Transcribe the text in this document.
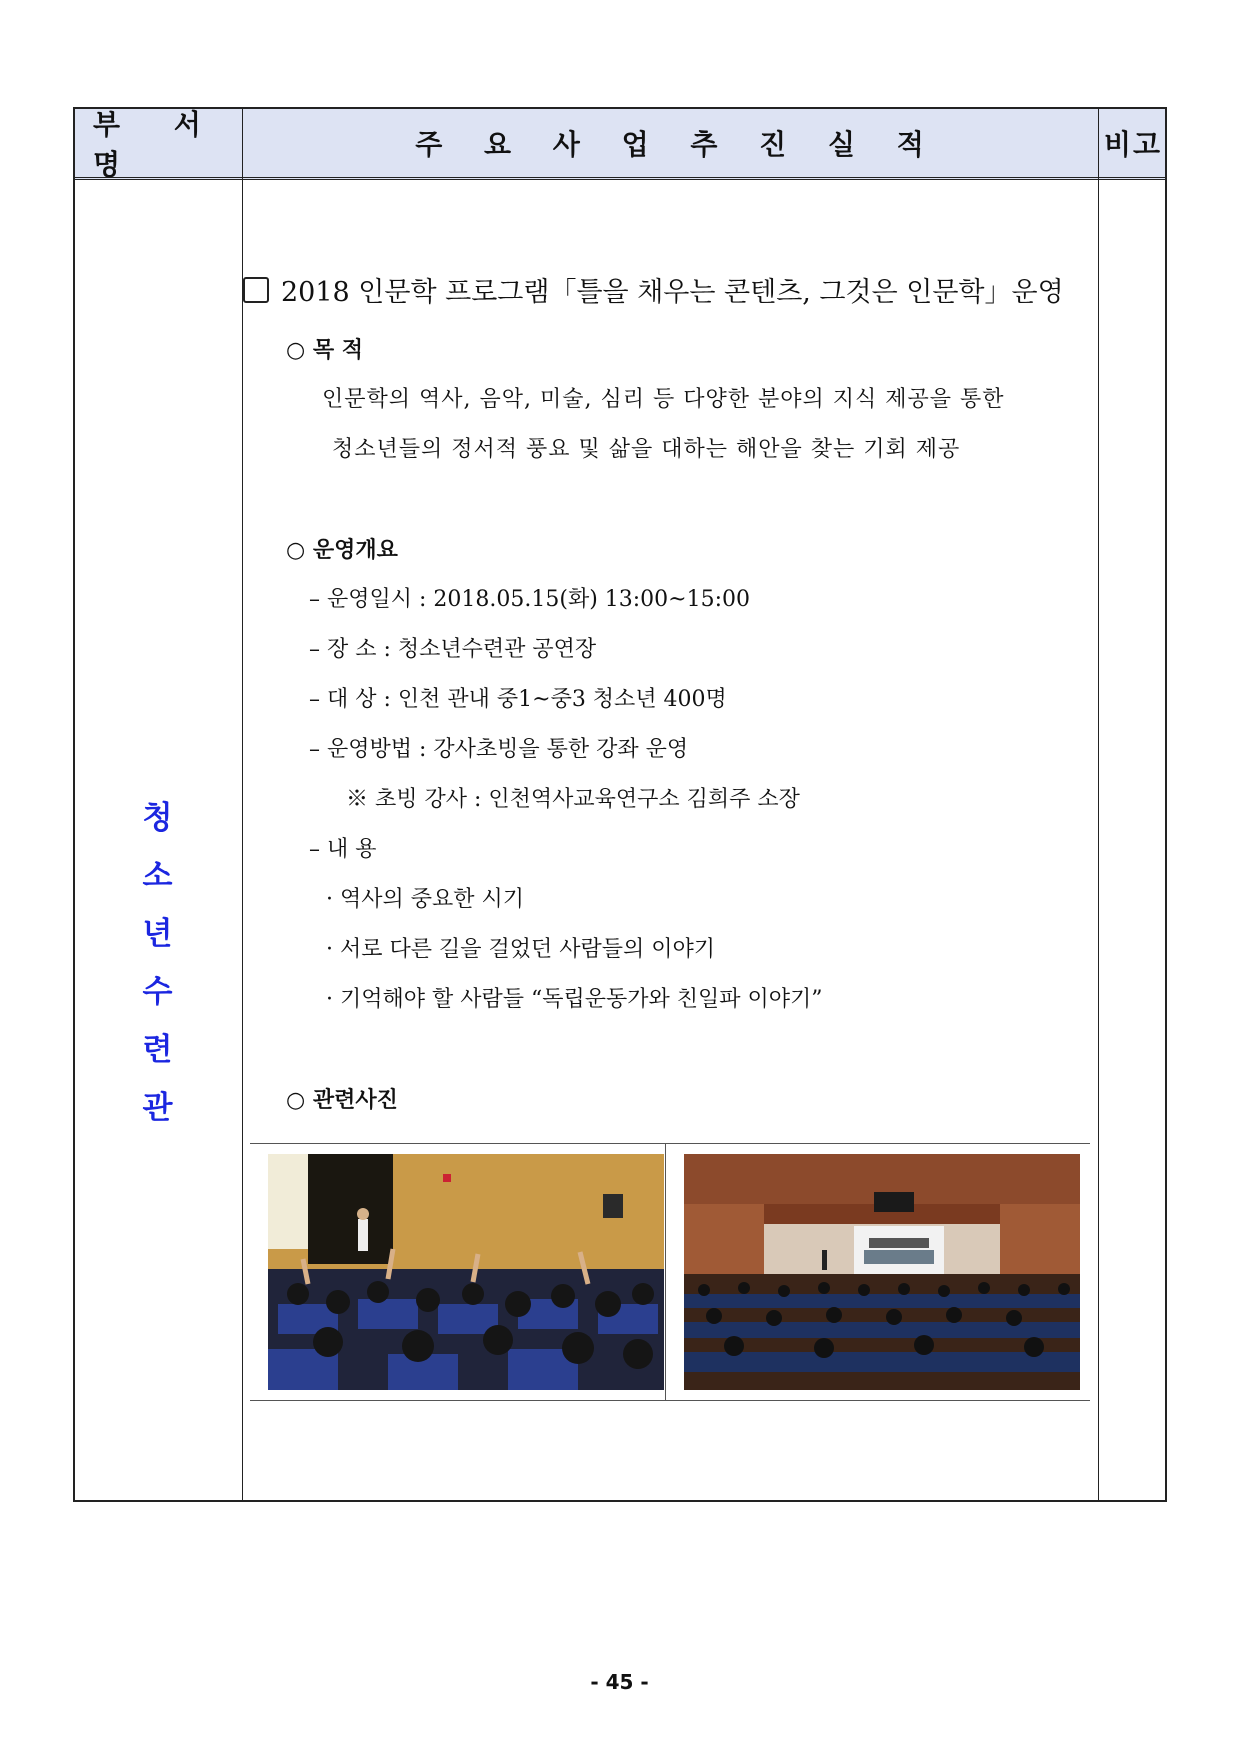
부 서 명
주 요 사 업 추 진 실 적	비고
청 소 년
수 련 관
2018 인문학 프로그램「틀을 채우는 콘텐츠, 그것은 인문학」운영
○ 목 적
인문학의 역사, 음악, 미술, 심리 등 다양한 분야의 지식 제공을 통한
청소년들의 정서적 풍요 및 삶을 대하는 해안을 찾는 기회 제공
○ 운영개요
– 운영일시 : 2018.05.15(화) 13:00~15:00
– 장 소 : 청소년수련관 공연장
– 대 상 : 인천 관내 중1~중3 청소년 400명
– 운영방법 : 강사초빙을 통한 강좌 운영
※ 초빙 강사 : 인천역사교육연구소 김희주 소장
– 내 용
· 역사의 중요한 시기
· 서로 다른 길을 걸었던 사람들의 이야기
· 기억해야 할 사람들 “독립운동가와 친일파 이야기”
○ 관련사진
- 45 -
